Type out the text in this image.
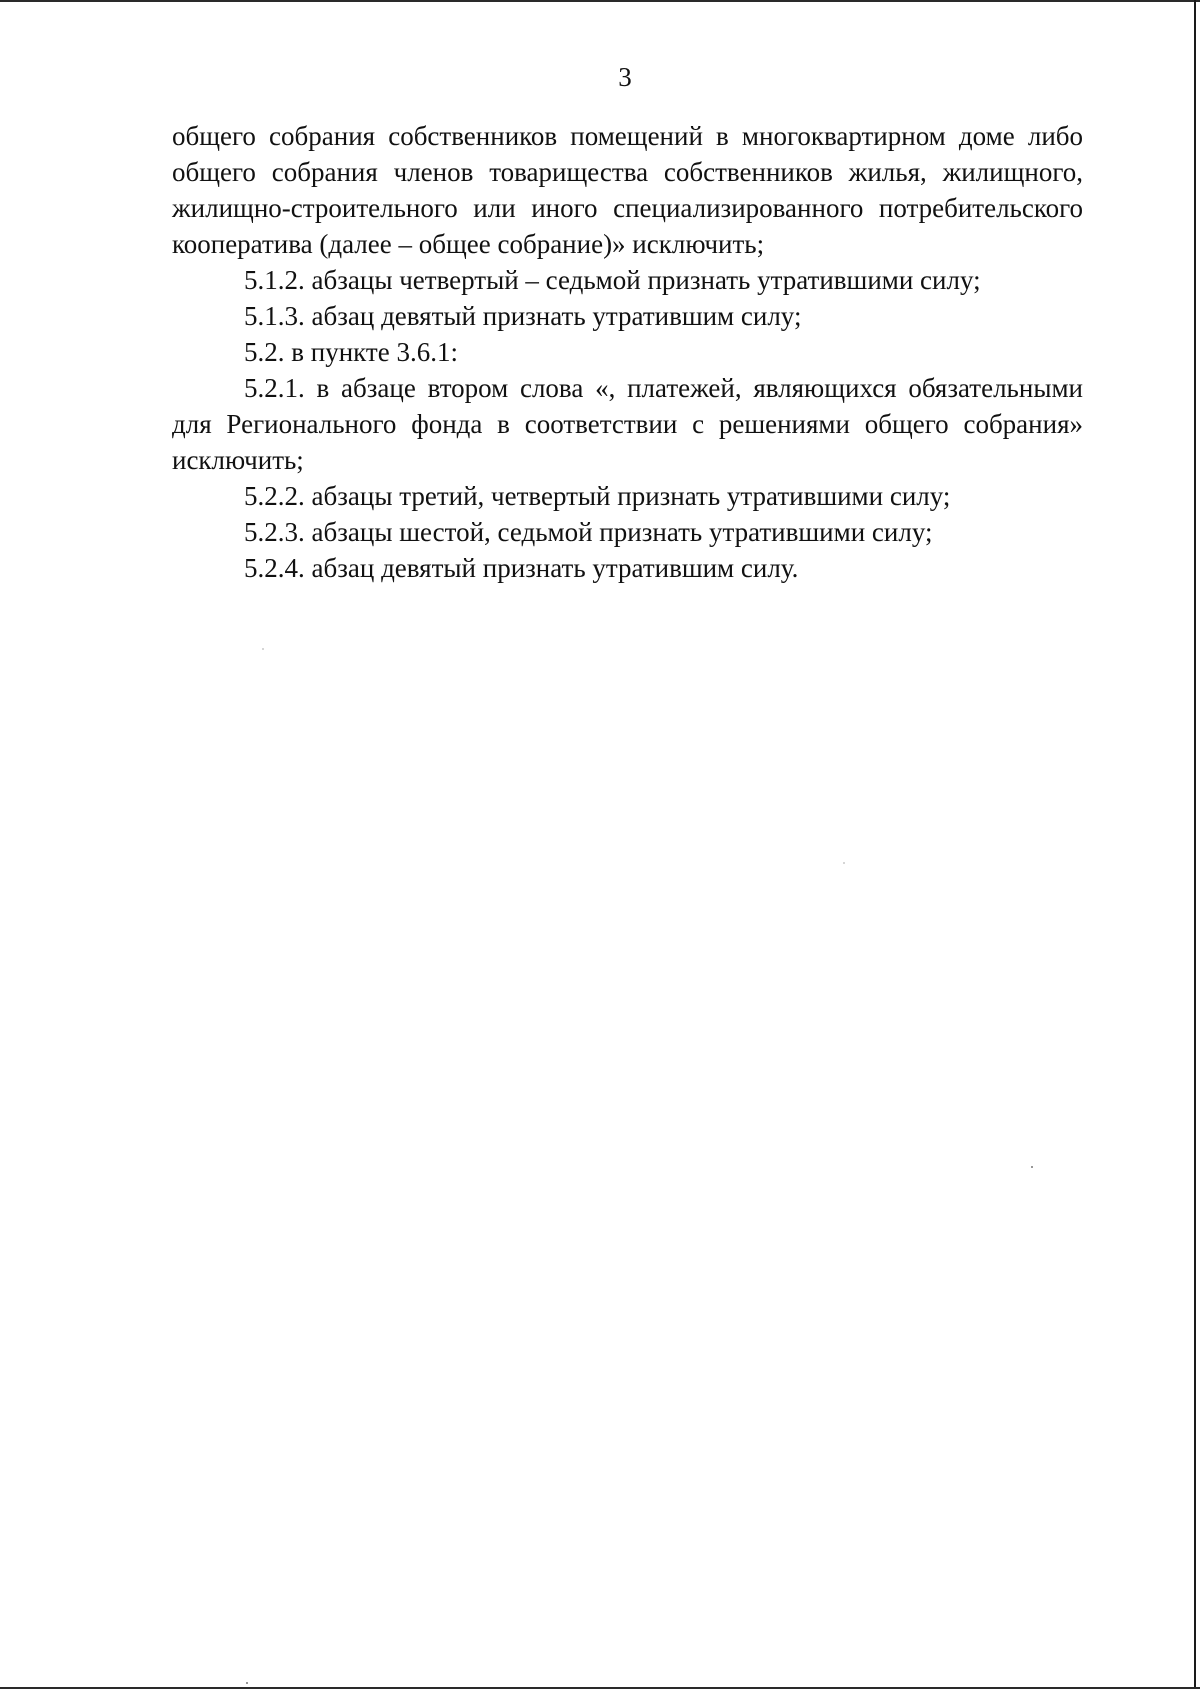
3

общего собрания собственников помещений в многоквартирном доме либо общего собрания членов товарищества собственников жилья, жилищного, жилищно-строительного или иного специализированного потребительского кооператива (далее – общее собрание)» исключить;

5.1.2. абзацы четвертый – седьмой признать утратившими силу;

5.1.3. абзац девятый признать утратившим силу;

5.2. в пункте 3.6.1:

5.2.1. в абзаце втором слова «, платежей, являющихся обязательными для Регионального фонда в соответствии с решениями общего собрания» исключить;

5.2.2. абзацы третий, четвертый признать утратившими силу;

5.2.3. абзацы шестой, седьмой признать утратившими силу;

5.2.4. абзац девятый признать утратившим силу.
